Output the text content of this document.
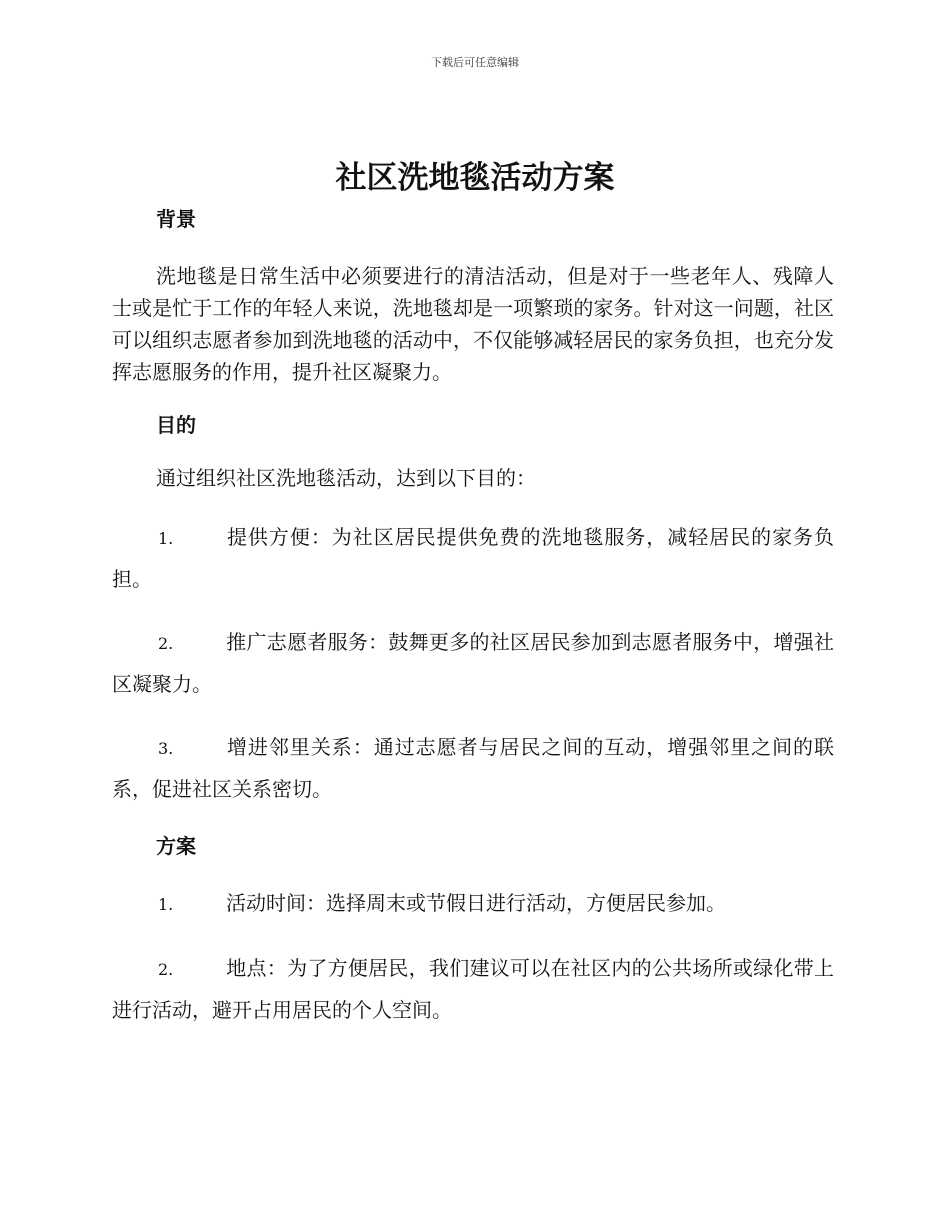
下载后可任意编辑
社区洗地毯活动方案
背景

洗地毯是日常生活中必须要进行的清洁活动，但是对于一些老年人、残障人士或是忙于工作的年轻人来说，洗地毯却是一项繁琐的家务。针对这一问题，社区可以组织志愿者参加到洗地毯的活动中，不仅能够减轻居民的家务负担，也充分发挥志愿服务的作用，提升社区凝聚力。

目的

通过组织社区洗地毯活动，达到以下目的：

1.	提供方便：为社区居民提供免费的洗地毯服务，减轻居民的家务负担。

2.	推广志愿者服务：鼓舞更多的社区居民参加到志愿者服务中，增强社区凝聚力。

3.	增进邻里关系：通过志愿者与居民之间的互动，增强邻里之间的联系，促进社区关系密切。

方案

1.	活动时间：选择周末或节假日进行活动，方便居民参加。

2.	地点：为了方便居民，我们建议可以在社区内的公共场所或绿化带上进行活动，避开占用居民的个人空间。
